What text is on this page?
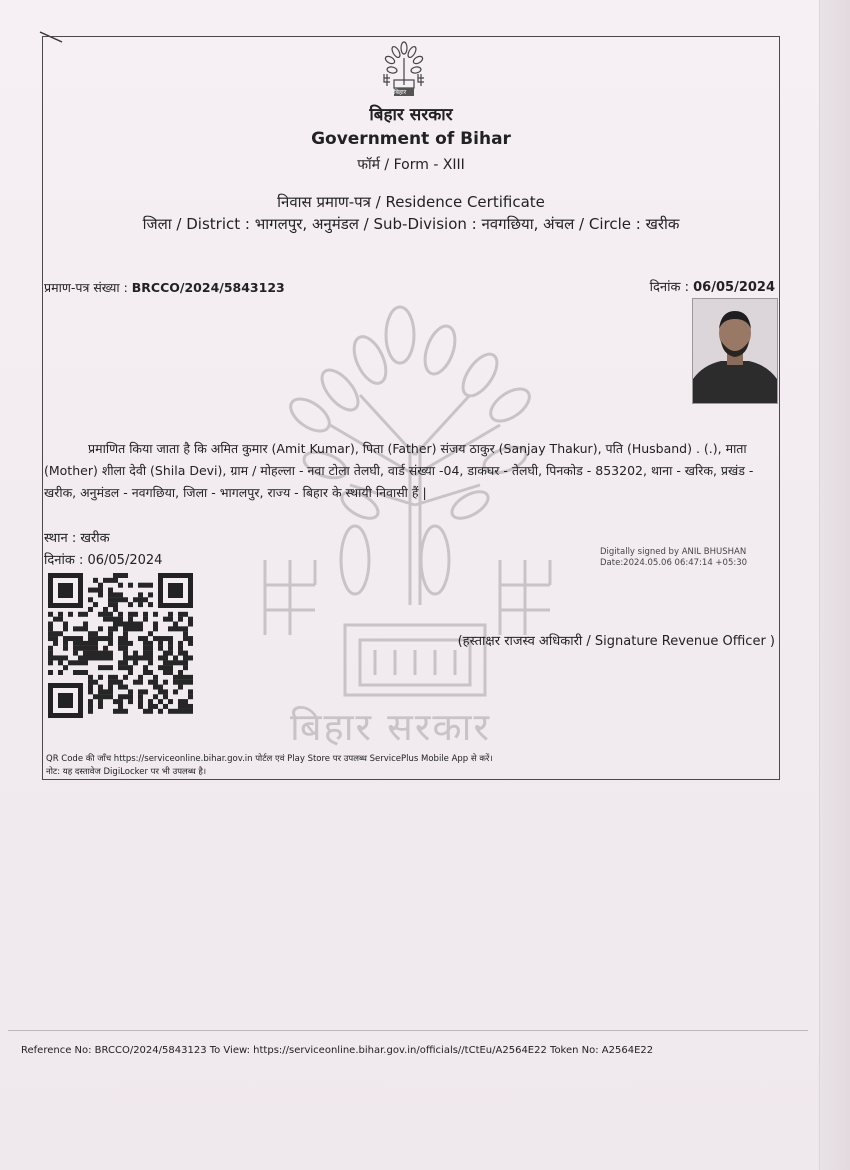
बिहार सरकार
बिहार
बिहार सरकार
Government of Bihar
फॉर्म / Form - XIII
निवास प्रमाण-पत्र / Residence Certificate
जिला / District : भागलपुर, अनुमंडल / Sub-Division : नवगछिया, अंचल / Circle : खरीक
प्रमाण-पत्र संख्या : BRCCO/2024/5843123	दिनांक : 06/05/2024
प्रमाणित किया जाता है कि अमित कुमार (Amit Kumar), पिता (Father) संजय ठाकुर (Sanjay Thakur), पति (Husband) . (.), माता (Mother) शीला देवी (Shila Devi), ग्राम / मोहल्ला - नवा टोला तेलघी, वार्ड संख्या -04, डाकघर - तेलघी, पिनकोड - 853202, थाना - खरिक, प्रखंड - खरीक, अनुमंडल - नवगछिया, जिला - भागलपुर, राज्य - बिहार के स्थायी निवासी हैं |
स्थान : खरीक
दिनांक : 06/05/2024
Digitally signed by ANIL BHUSHAN
Date:2024.05.06 06:47:14 +05:30
(हस्ताक्षर राजस्व अधिकारी / Signature Revenue Officer )
QR Code की जाँच https://serviceonline.bihar.gov.in पोर्टल एवं Play Store पर उपलब्ध ServicePlus Mobile App से करें।
नोट: यह दस्तावेज DigiLocker पर भी उपलब्ध है।
Reference No: BRCCO/2024/5843123 To View: https://serviceonline.bihar.gov.in/officials//tCtEu/A2564E22 Token No: A2564E22
